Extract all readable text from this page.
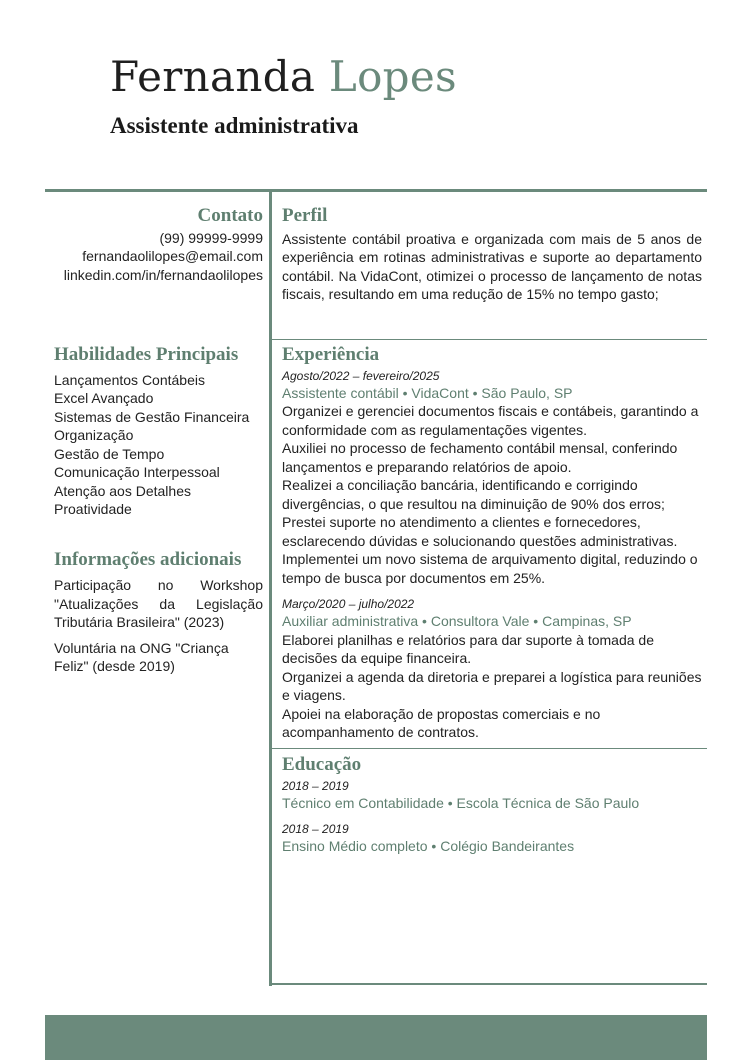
Fernanda Lopes
Assistente administrativa
Contato
(99) 99999-9999
fernandaolilopes@email.com
linkedin.com/in/fernandaolilopes
Habilidades Principais
Lançamentos Contábeis
Excel Avançado
Sistemas de Gestão Financeira
Organização
Gestão de Tempo
Comunicação Interpessoal
Atenção aos Detalhes
Proatividade
Informações adicionais

Participação no Workshop "Atualizações da Legislação Tributária Brasileira" (2023)

Voluntária na ONG "Criança Feliz" (desde 2019)

Perfil

Assistente contábil proativa e organizada com mais de 5 anos de experiência em rotinas administrativas e suporte ao departamento contábil. Na VidaCont, otimizei o processo de lançamento de notas fiscais, resultando em uma redução de 15% no tempo gasto;

Experiência
Agosto/2022 – fevereiro/2025
Assistente contábil • VidaCont • São Paulo, SP

Organizei e gerenciei documentos fiscais e contábeis, garantindo a conformidade com as regulamentações vigentes.

Auxiliei no processo de fechamento contábil mensal, conferindo lançamentos e preparando relatórios de apoio.

Realizei a conciliação bancária, identificando e corrigindo divergências, o que resultou na diminuição de 90% dos erros;

Prestei suporte no atendimento a clientes e fornecedores, esclarecendo dúvidas e solucionando questões administrativas.

Implementei um novo sistema de arquivamento digital, reduzindo o tempo de busca por documentos em 25%.

Março/2020 – julho/2022
Auxiliar administrativa • Consultora Vale • Campinas, SP

Elaborei planilhas e relatórios para dar suporte à tomada de decisões da equipe financeira.

Organizei a agenda da diretoria e preparei a logística para reuniões e viagens.

Apoiei na elaboração de propostas comerciais e no acompanhamento de contratos.

Educação
2018 – 2019
Técnico em Contabilidade • Escola Técnica de São Paulo
2018 – 2019
Ensino Médio completo • Colégio Bandeirantes
